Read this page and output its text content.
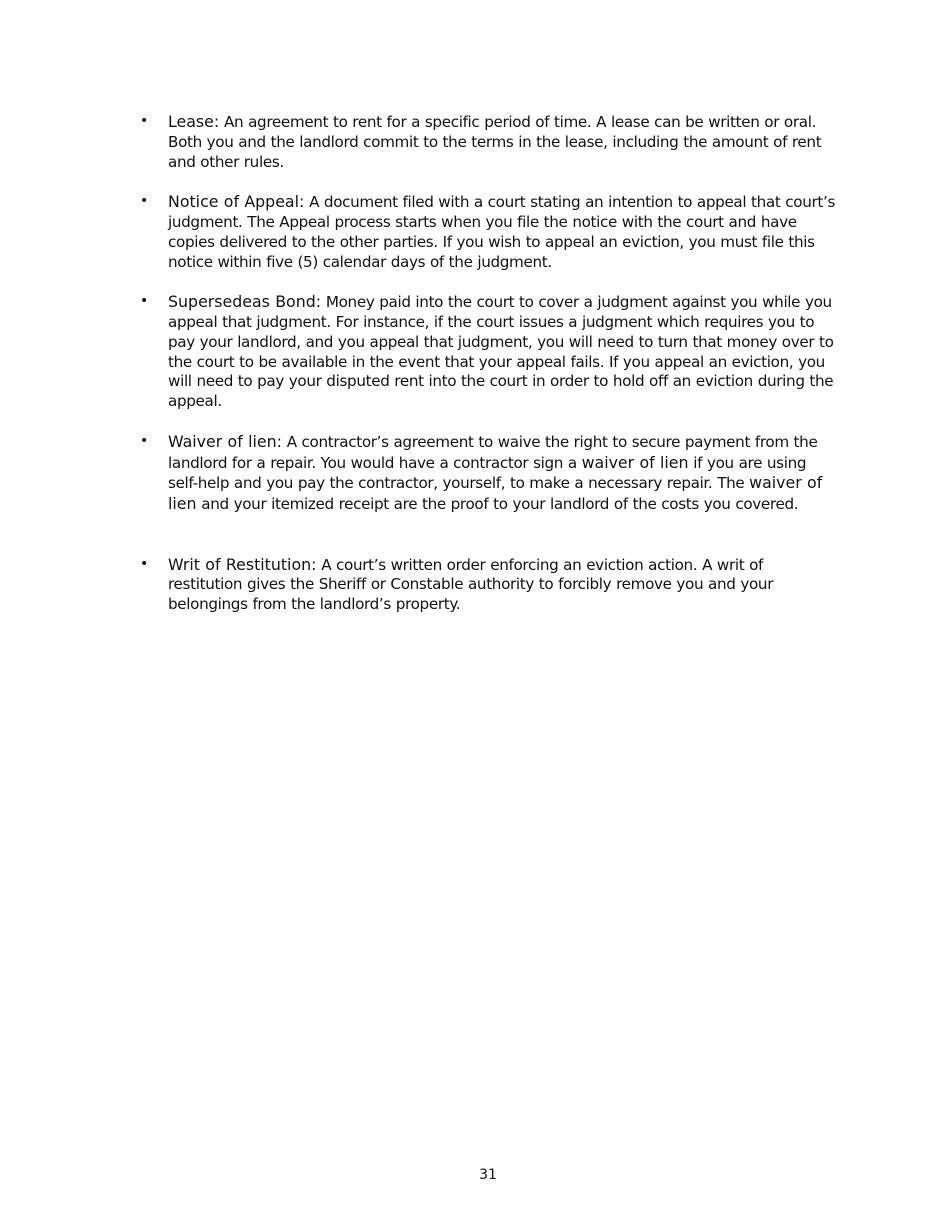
• Lease: An agreement to rent for a specific period of time. A lease can be written or oral. Both you and the landlord commit to the terms in the lease, including the amount of rent and other rules.
• Notice of Appeal: A document filed with a court stating an intention to appeal that court’s judgment. The Appeal process starts when you file the notice with the court and have copies delivered to the other parties. If you wish to appeal an eviction, you must file this notice within five (5) calendar days of the judgment.
• Supersedeas Bond: Money paid into the court to cover a judgment against you while you appeal that judgment. For instance, if the court issues a judgment which requires you to pay your landlord, and you appeal that judgment, you will need to turn that money over to the court to be available in the event that your appeal fails. If you appeal an eviction, you will need to pay your disputed rent into the court in order to hold off an eviction during the appeal.
• Waiver of lien: A contractor’s agreement to waive the right to secure payment from the landlord for a repair. You would have a contractor sign a waiver of lien if you are using self-help and you pay the contractor, yourself, to make a necessary repair. The waiver of lien and your itemized receipt are the proof to your landlord of the costs you covered.
• Writ of Restitution: A court’s written order enforcing an eviction action. A writ of restitution gives the Sheriff or Constable authority to forcibly remove you and your belongings from the landlord’s property.
31
